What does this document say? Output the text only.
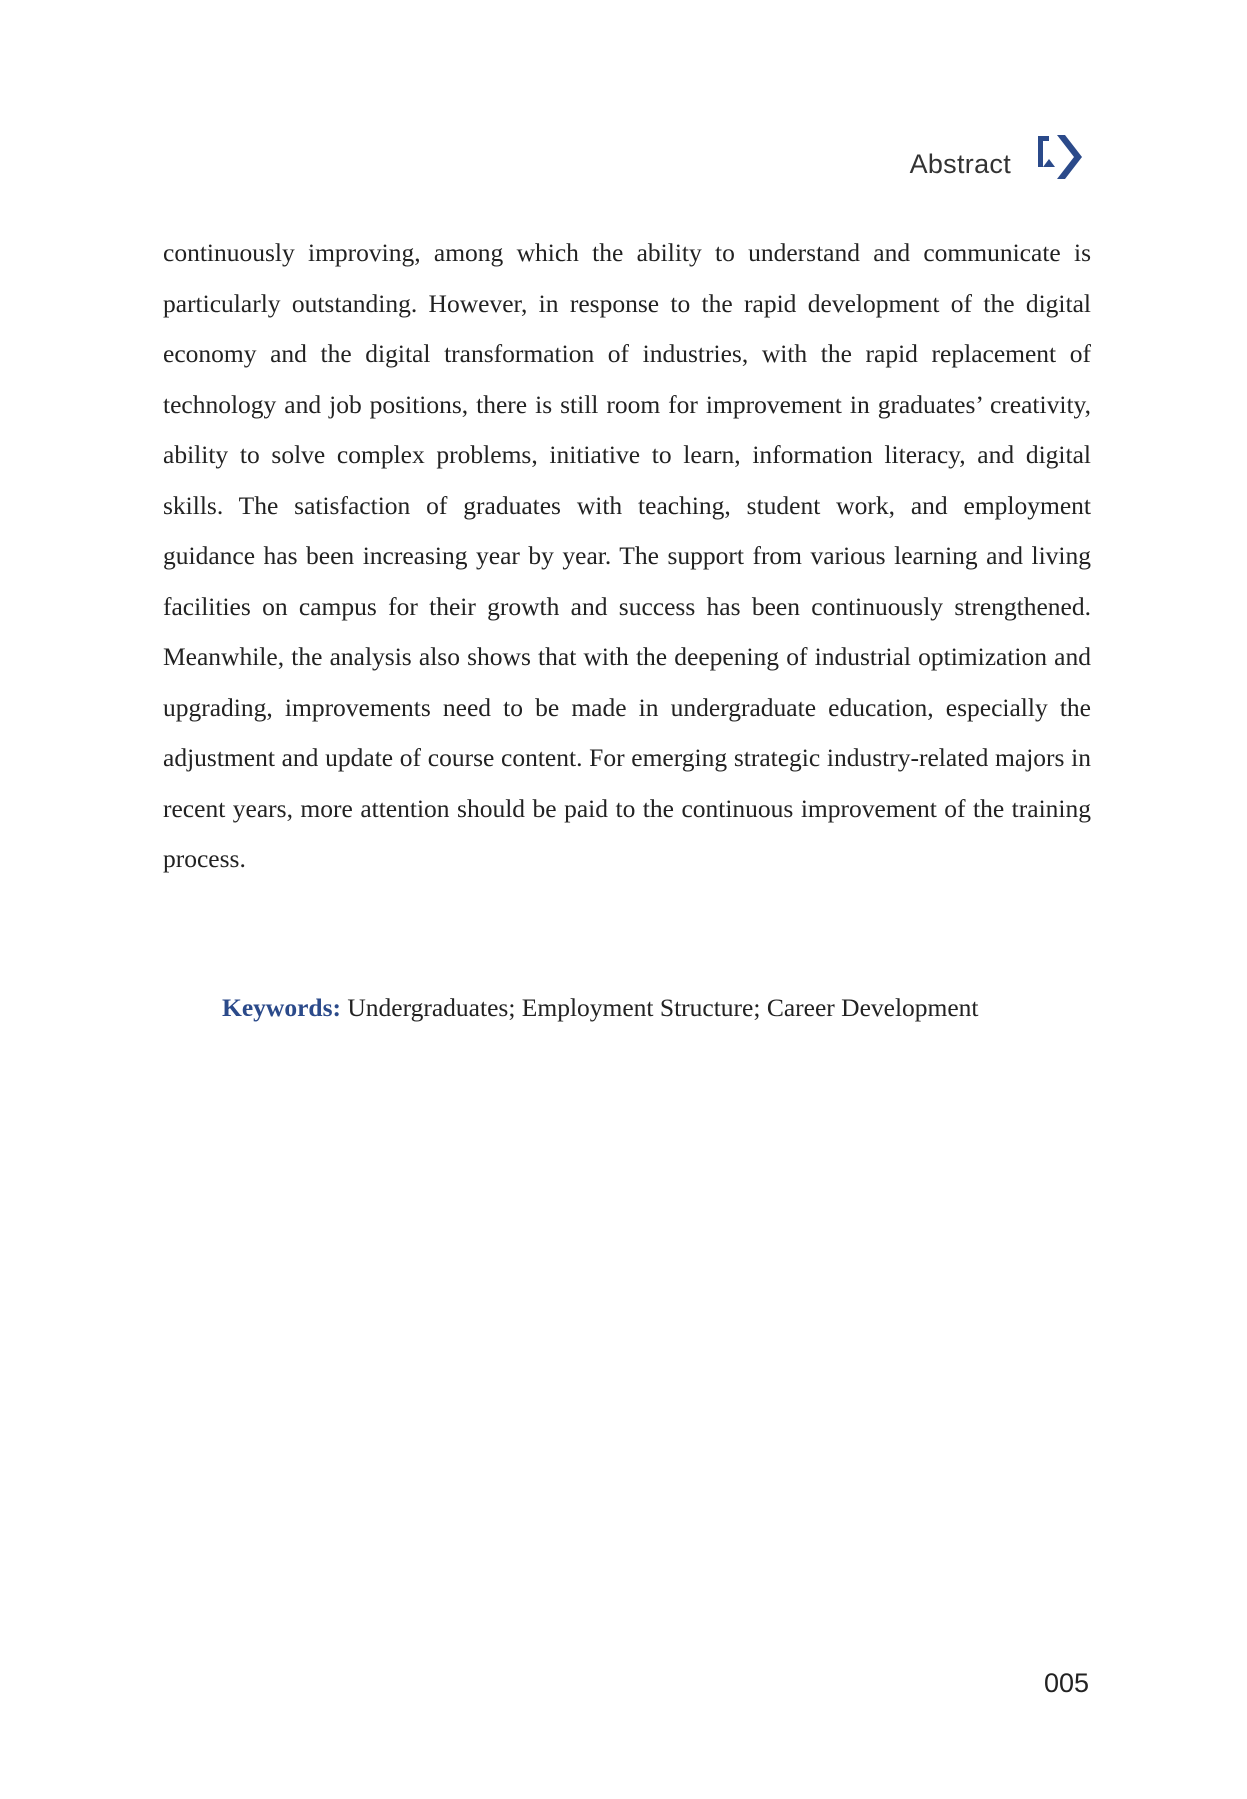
Abstract

continuously improving, among which the ability to understand and communicate is particularly outstanding. However, in response to the rapid development of the digital economy and the digital transformation of industries, with the rapid replacement of technology and job positions, there is still room for improvement in graduates’ creativity, ability to solve complex problems, initiative to learn, information literacy, and digital skills. The satisfaction of graduates with teaching, student work, and employment guidance has been increasing year by year. The support from various learning and living facilities on campus for their growth and success has been continuously strengthened. Meanwhile, the analysis also shows that with the deepening of industrial optimization and upgrading, improvements need to be made in undergraduate education, especially the adjustment and update of course content. For emerging strategic industry-related majors in recent years, more attention should be paid to the continuous improvement of the training process.

Keywords: Undergraduates; Employment Structure; Career Development

005
